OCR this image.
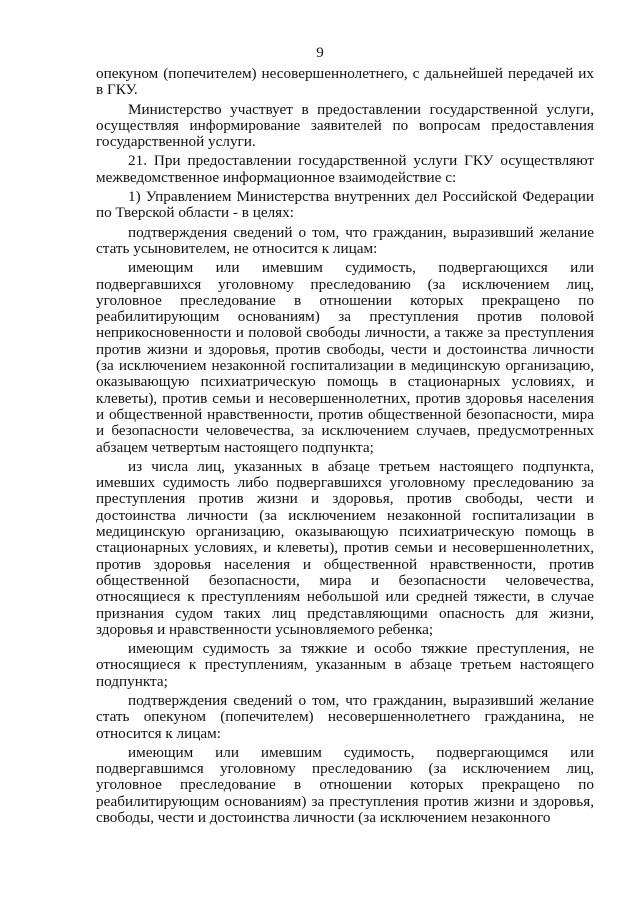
9

опекуном (попечителем) несовершеннолетнего, с дальнейшей передачей их в ГКУ.

Министерство участвует в предоставлении государственной услуги, осуществляя информирование заявителей по вопросам предоставления государственной услуги.

21. При предоставлении государственной услуги ГКУ осуществляют межведомственное информационное взаимодействие с:

1) Управлением Министерства внутренних дел Российской Федерации по Тверской области - в целях:

подтверждения сведений о том, что гражданин, выразивший желание стать усыновителем, не относится к лицам:

имеющим или имевшим судимость, подвергающихся или подвергавшихся уголовному преследованию (за исключением лиц, уголовное преследование в отношении которых прекращено по реабилитирующим основаниям) за преступления против половой неприкосновенности и половой свободы личности, а также за преступления против жизни и здоровья, против свободы, чести и достоинства личности (за исключением незаконной госпитализации в медицинскую организацию, оказывающую психиатрическую помощь в стационарных условиях, и клеветы), против семьи и несовершеннолетних, против здоровья населения и общественной нравственности, против общественной безопасности, мира и безопасности человечества, за исключением случаев, предусмотренных абзацем четвертым настоящего подпункта;

из числа лиц, указанных в абзаце третьем настоящего подпункта, имевших судимость либо подвергавшихся уголовному преследованию за преступления против жизни и здоровья, против свободы, чести и достоинства личности (за исключением незаконной госпитализации в медицинскую организацию, оказывающую психиатрическую помощь в стационарных условиях, и клеветы), против семьи и несовершеннолетних, против здоровья населения и общественной нравственности, против общественной безопасности, мира и безопасности человечества, относящиеся к преступлениям небольшой или средней тяжести, в случае признания судом таких лиц представляющими опасность для жизни, здоровья и нравственности усыновляемого ребенка;

имеющим судимость за тяжкие и особо тяжкие преступления, не относящиеся к преступлениям, указанным в абзаце третьем настоящего подпункта;

подтверждения сведений о том, что гражданин, выразивший желание стать опекуном (попечителем) несовершеннолетнего гражданина, не относится к лицам:

имеющим или имевшим судимость, подвергающимся или подвергавшимся уголовному преследованию (за исключением лиц, уголовное преследование в отношении которых прекращено по реабилитирующим основаниям) за преступления против жизни и здоровья, свободы, чести и достоинства личности (за исключением незаконного
